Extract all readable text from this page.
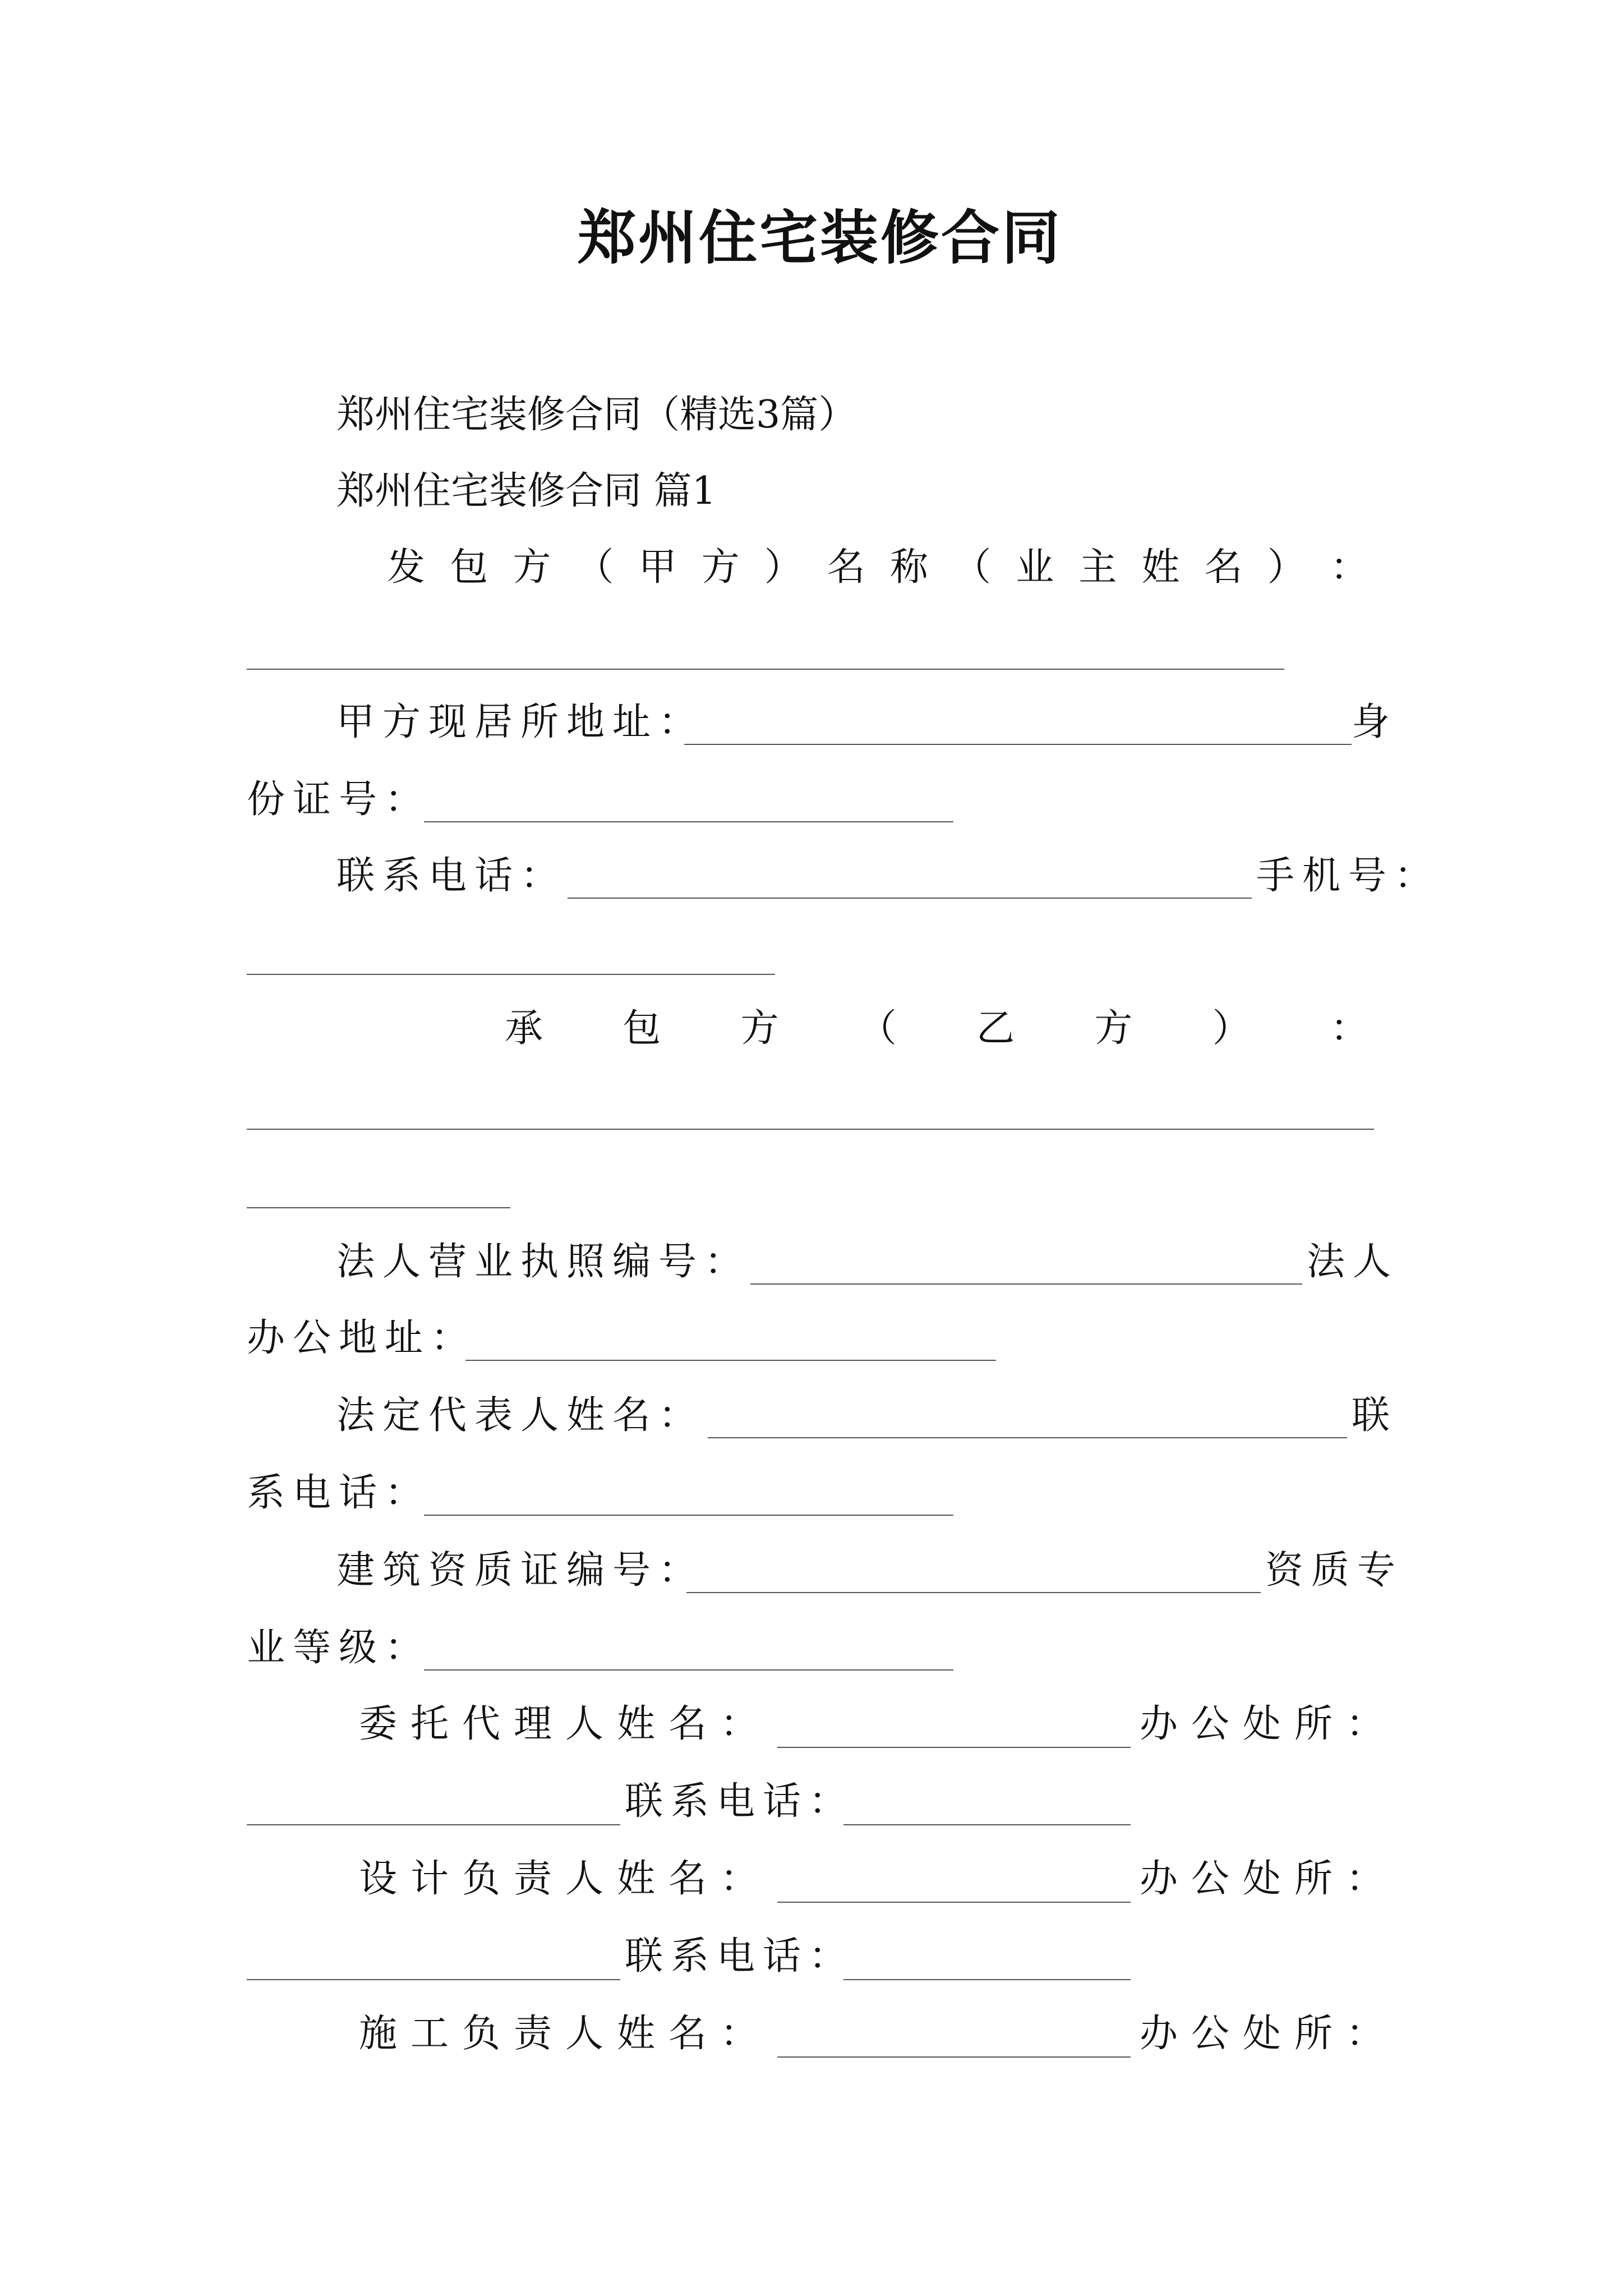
郑州住宅装修合同
郑州住宅装修合同（精选3篇）
郑州住宅装修合同 篇1
发 包 方 （ 甲 方 ） 名 称 （ 业 主 姓 名 ） ：
甲方现居所地址：	身
份证号：
联系电话：	手机号：
承 包 方 （ 乙 方 ） ：
法人营业执照编号：	法人
办公地址：
法定代表人姓名：	联
系电话：
建筑资质证编号：	资质专
业等级：
委托代理人姓名：	办公处所：
联系电话：
设计负责人姓名：	办公处所：
联系电话：
施工负责人姓名：	办公处所：
